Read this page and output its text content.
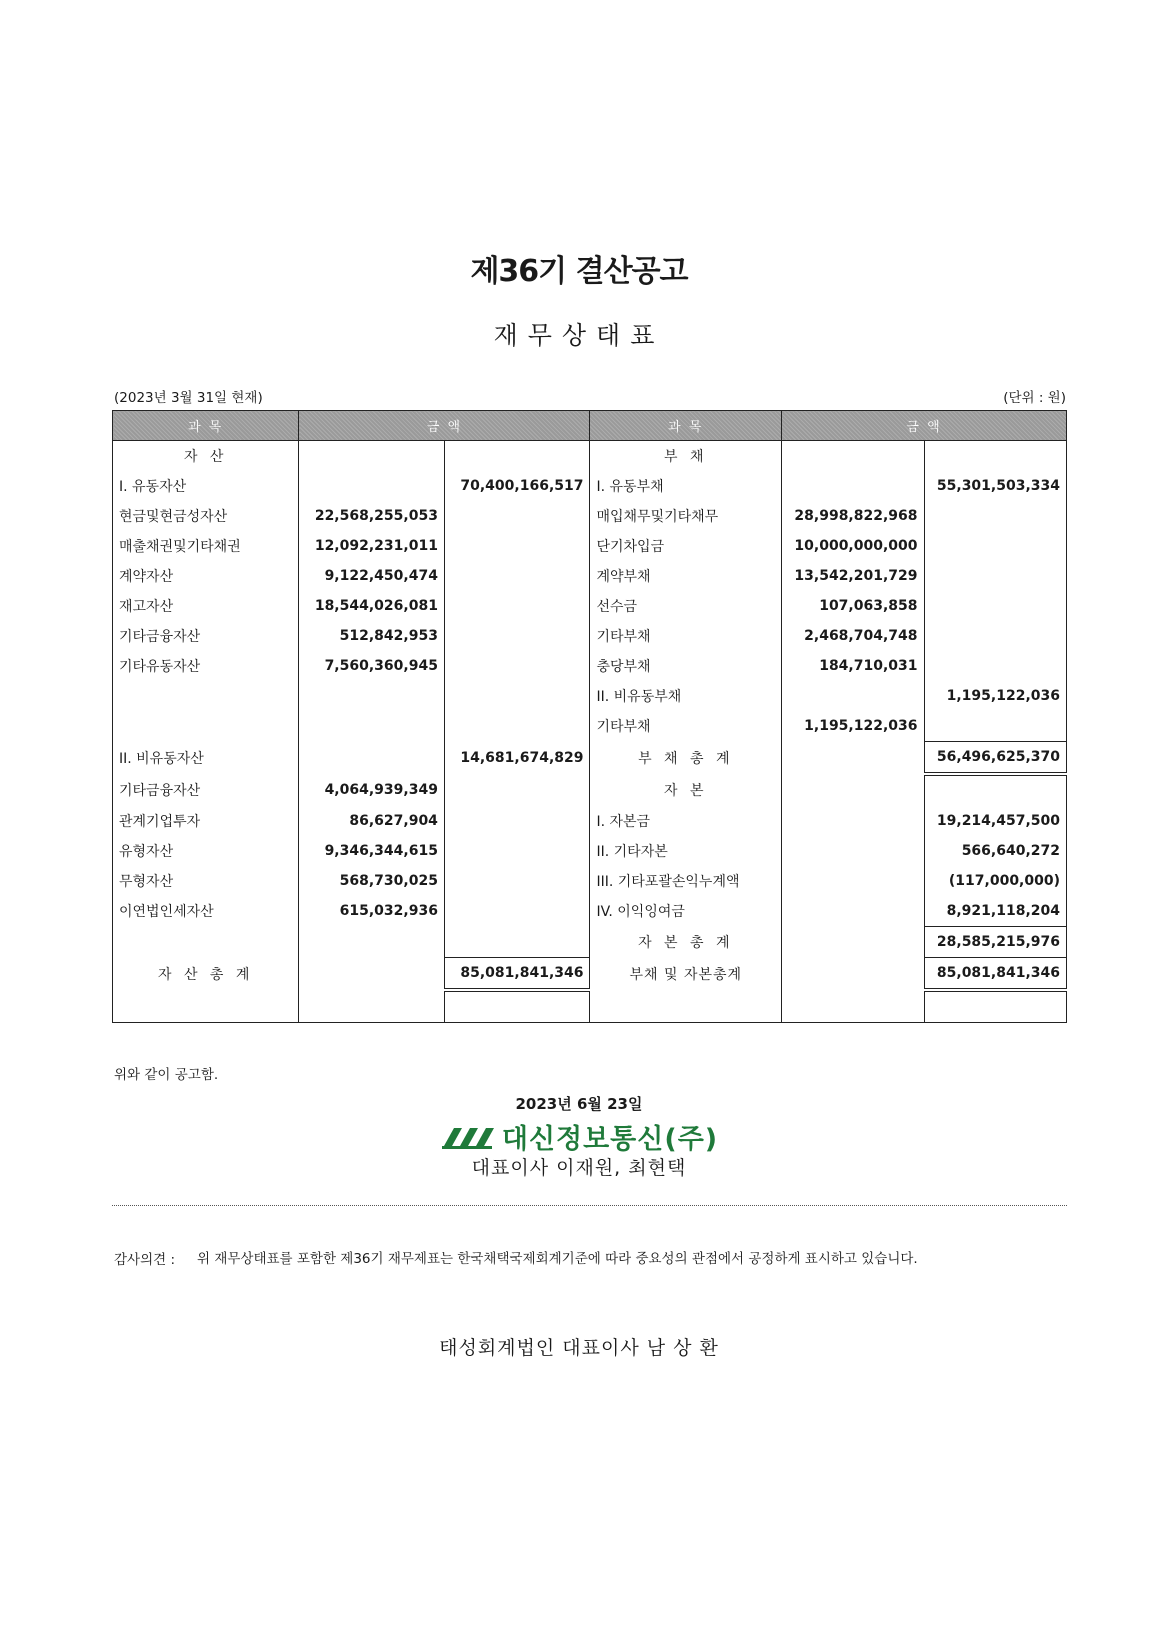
제36기 결산공고
재무상태표
(2023년 3월 31일 현재)	(단위 : 원)
과 목	금 액		과 목	금 액	
자 산			부 채		
I. 유동자산		70,400,166,517	I. 유동부채		55,301,503,334
현금및현금성자산	22,568,255,053		매입채무및기타채무	28,998,822,968	
매출채권및기타채권	12,092,231,011		단기차입금	10,000,000,000	
계약자산	9,122,450,474		계약부채	13,542,201,729	
재고자산	18,544,026,081		선수금	107,063,858	
기타금융자산	512,842,953		기타부채	2,468,704,748	
기타유동자산	7,560,360,945		충당부채	184,710,031	
			II. 비유동부채		1,195,122,036
			기타부채	1,195,122,036	
II. 비유동자산		14,681,674,829	부 채 총 계		56,496,625,370
기타금융자산	4,064,939,349		자 본		
관계기업투자	86,627,904		I. 자본금		19,214,457,500
유형자산	9,346,344,615		II. 기타자본		566,640,272
무형자산	568,730,025		III. 기타포괄손익누계액		(117,000,000)
이연법인세자산	615,032,936		IV. 이익잉여금		8,921,118,204
			자 본 총 계		28,585,215,976
자 산 총 계		85,081,841,346	부채 및 자본총계		85,081,841,346

위와 같이 공고함.
2023년 6월 23일
대신정보통신(주)
대표이사 이재원, 최현택
감사의견 : 위 재무상태표를 포함한 제36기 재무제표는 한국채택국제회계기준에 따라 중요성의 관점에서 공정하게 표시하고 있습니다.
태성회계법인 대표이사 남 상 환
